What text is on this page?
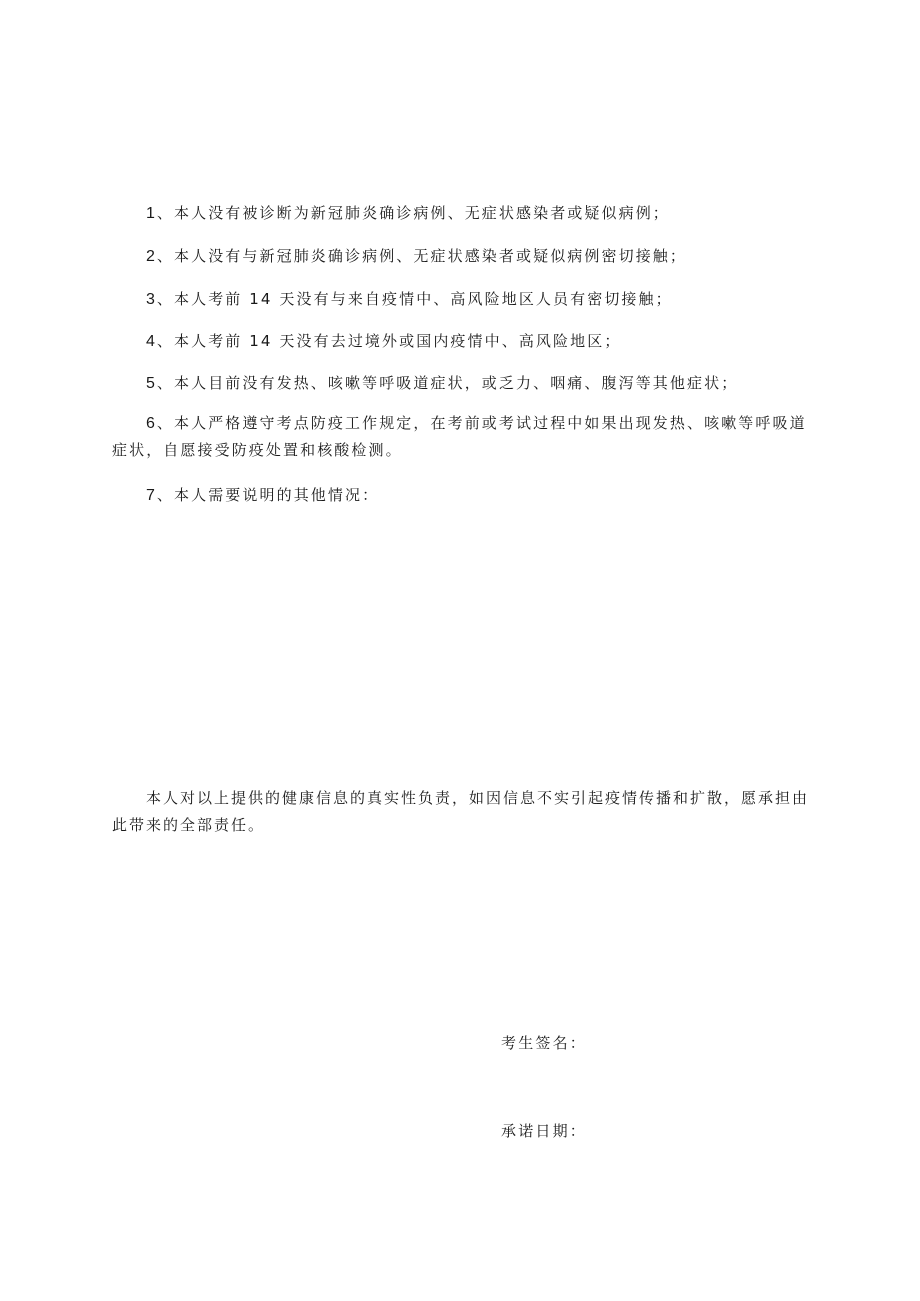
1 、本人没有被诊断为新冠肺炎确诊病例、无症状感染者或疑似病例；

2 、本人没有与新冠肺炎确诊病例、无症状感染者或疑似病例密切接触；

3 、本人考前 14 天没有与来自疫情中、高风险地区人员有密切接触；

4 、本人考前 14 天没有去过境外或国内疫情中、高风险地区；

5 、本人目前没有发热、咳嗽等呼吸道症状，或乏力、咽痛、腹泻等其他症状；

6 、本人严格遵守考点防疫工作规定，在考前或考试过程中如果出现发热、咳嗽等呼吸道症状，自愿接受防疫处置和核酸检测。

7 、本人需要说明的其他情况：

本人对以上提供的健康信息的真实性负责，如因信息不实引起疫情传播和扩散，愿承担由此带来的全部责任。

考生签名：

承诺日期：
